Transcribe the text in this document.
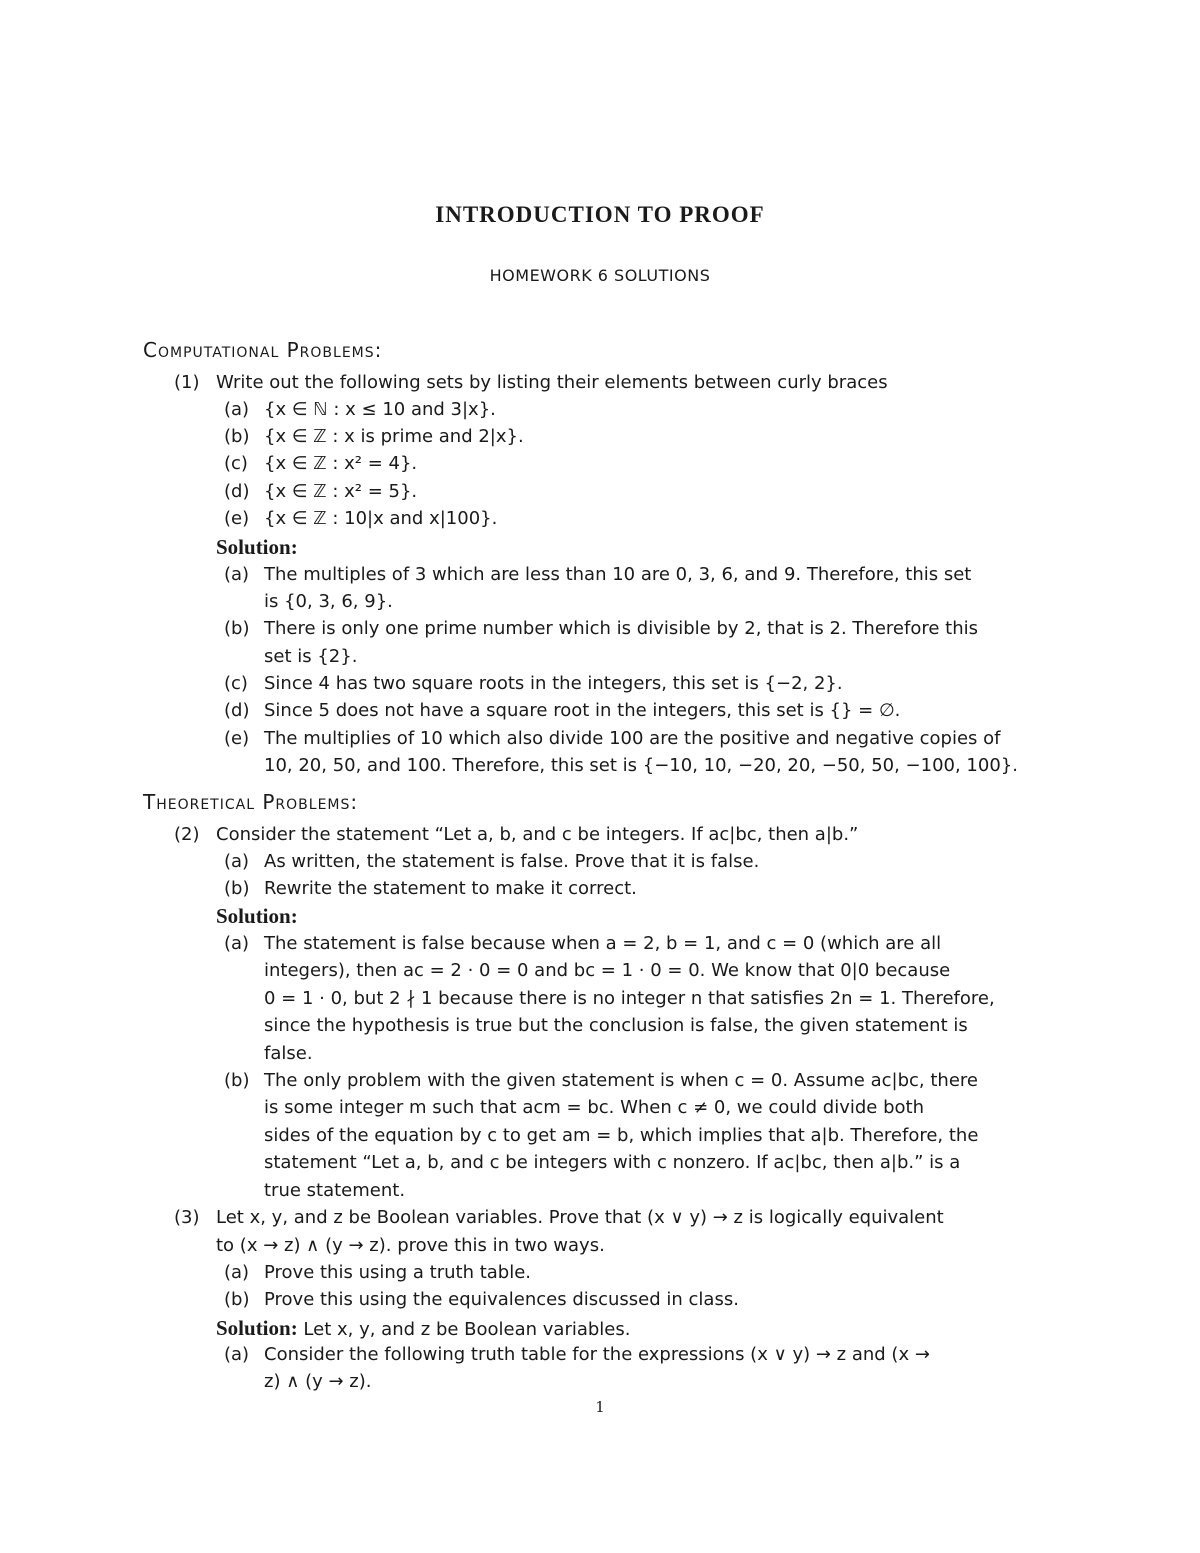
INTRODUCTION TO PROOF
HOMEWORK 6 SOLUTIONS
Computational Problems:
(1) Write out the following sets by listing their elements between curly braces
(a) {x ∈ ℕ : x ≤ 10 and 3|x}.
(b) {x ∈ ℤ : x is prime and 2|x}.
(c) {x ∈ ℤ : x² = 4}.
(d) {x ∈ ℤ : x² = 5}.
(e) {x ∈ ℤ : 10|x and x|100}.
Solution:
(a) The multiples of 3 which are less than 10 are 0, 3, 6, and 9. Therefore, this set
is {0, 3, 6, 9}.
(b) There is only one prime number which is divisible by 2, that is 2. Therefore this
set is {2}.
(c) Since 4 has two square roots in the integers, this set is {−2, 2}.
(d) Since 5 does not have a square root in the integers, this set is {} = ∅.
(e) The multiplies of 10 which also divide 100 are the positive and negative copies of
10, 20, 50, and 100. Therefore, this set is {−10, 10, −20, 20, −50, 50, −100, 100}.
Theoretical Problems:
(2) Consider the statement “Let a, b, and c be integers. If ac|bc, then a|b.”
(a) As written, the statement is false. Prove that it is false.
(b) Rewrite the statement to make it correct.
Solution:
(a) The statement is false because when a = 2, b = 1, and c = 0 (which are all
integers), then ac = 2 · 0 = 0 and bc = 1 · 0 = 0. We know that 0|0 because
0 = 1 · 0, but 2 ∤ 1 because there is no integer n that satisfies 2n = 1. Therefore,
since the hypothesis is true but the conclusion is false, the given statement is
false.
(b) The only problem with the given statement is when c = 0. Assume ac|bc, there
is some integer m such that acm = bc. When c ≠ 0, we could divide both
sides of the equation by c to get am = b, which implies that a|b. Therefore, the
statement “Let a, b, and c be integers with c nonzero. If ac|bc, then a|b.” is a
true statement.
(3) Let x, y, and z be Boolean variables. Prove that (x ∨ y) → z is logically equivalent
to (x → z) ∧ (y → z). prove this in two ways.
(a) Prove this using a truth table.
(b) Prove this using the equivalences discussed in class.
Solution: Let x, y, and z be Boolean variables.
(a) Consider the following truth table for the expressions (x ∨ y) → z and (x →
z) ∧ (y → z).
1
